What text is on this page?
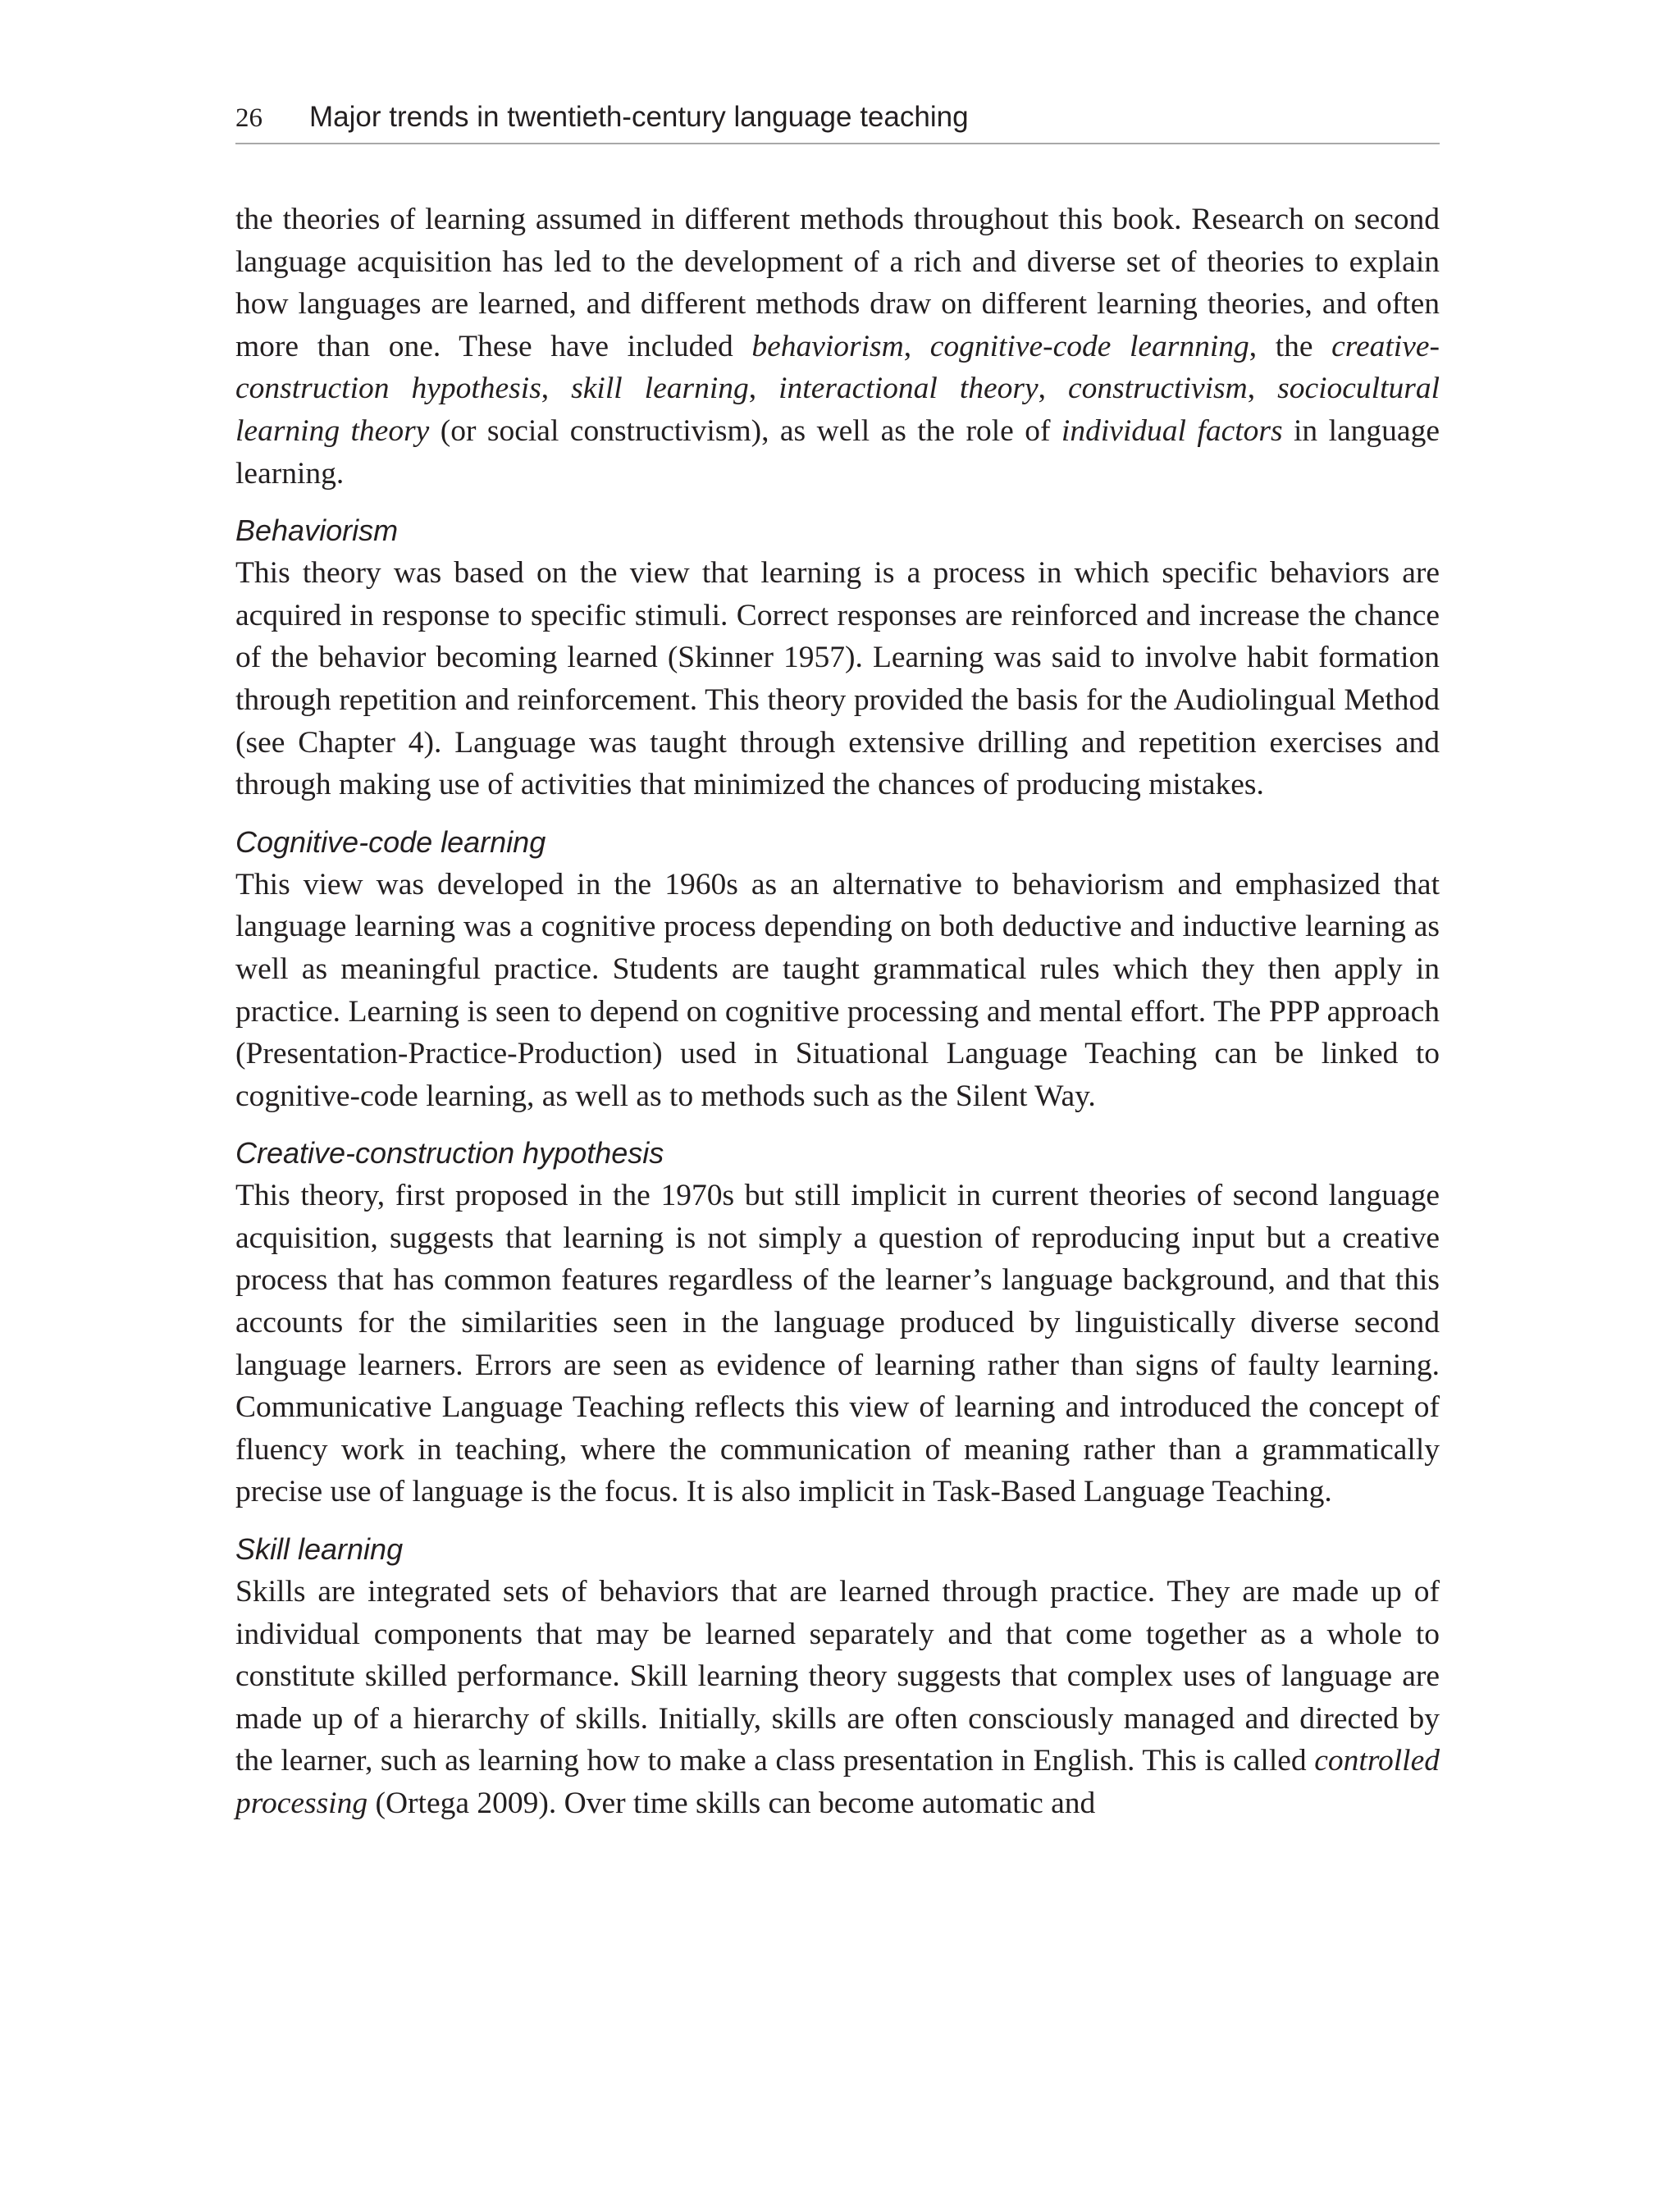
26 Major trends in twentieth-century language teaching

the theories of learning assumed in different methods throughout this book. Research on second language acquisition has led to the development of a rich and diverse set of theories to explain how languages are learned, and different methods draw on different learning theories, and often more than one. These have included behaviorism, cognitive-code learnning, the creative-construction hypothesis, skill learning, interactional theory, constructivism, sociocultural learning theory (or social constructivism), as well as the role of individual factors in language learning.

Behaviorism

This theory was based on the view that learning is a process in which specific behaviors are acquired in response to specific stimuli. Correct responses are reinforced and increase the chance of the behavior becoming learned (Skinner 1957). Learning was said to involve habit formation through repetition and reinforcement. This theory provided the basis for the Audiolingual Method (see Chapter 4). Language was taught through extensive drilling and repetition exercises and through making use of activities that minimized the chances of producing mistakes.

Cognitive-code learning

This view was developed in the 1960s as an alternative to behaviorism and emphasized that language learning was a cognitive process depending on both deductive and inductive learning as well as meaningful practice. Students are taught grammatical rules which they then apply in practice. Learning is seen to depend on cognitive processing and mental effort. The PPP approach (Presentation-Practice-Production) used in Situational Language Teaching can be linked to cognitive-code learning, as well as to methods such as the Silent Way.

Creative-construction hypothesis

This theory, first proposed in the 1970s but still implicit in current theories of second language acquisition, suggests that learning is not simply a question of reproducing input but a creative process that has common features regardless of the learner’s language background, and that this accounts for the similarities seen in the language produced by linguistically diverse second language learners. Errors are seen as evidence of learning rather than signs of faulty learning. Communicative Language Teaching reflects this view of learning and introduced the concept of fluency work in teaching, where the communication of meaning rather than a grammatically precise use of language is the focus. It is also implicit in Task-Based Language Teaching.

Skill learning

Skills are integrated sets of behaviors that are learned through practice. They are made up of individual components that may be learned separately and that come together as a whole to constitute skilled performance. Skill learning theory suggests that complex uses of language are made up of a hierarchy of skills. Initially, skills are often consciously managed and directed by the learner, such as learning how to make a class presentation in English. This is called controlled processing (Ortega 2009). Over time skills can become automatic and
